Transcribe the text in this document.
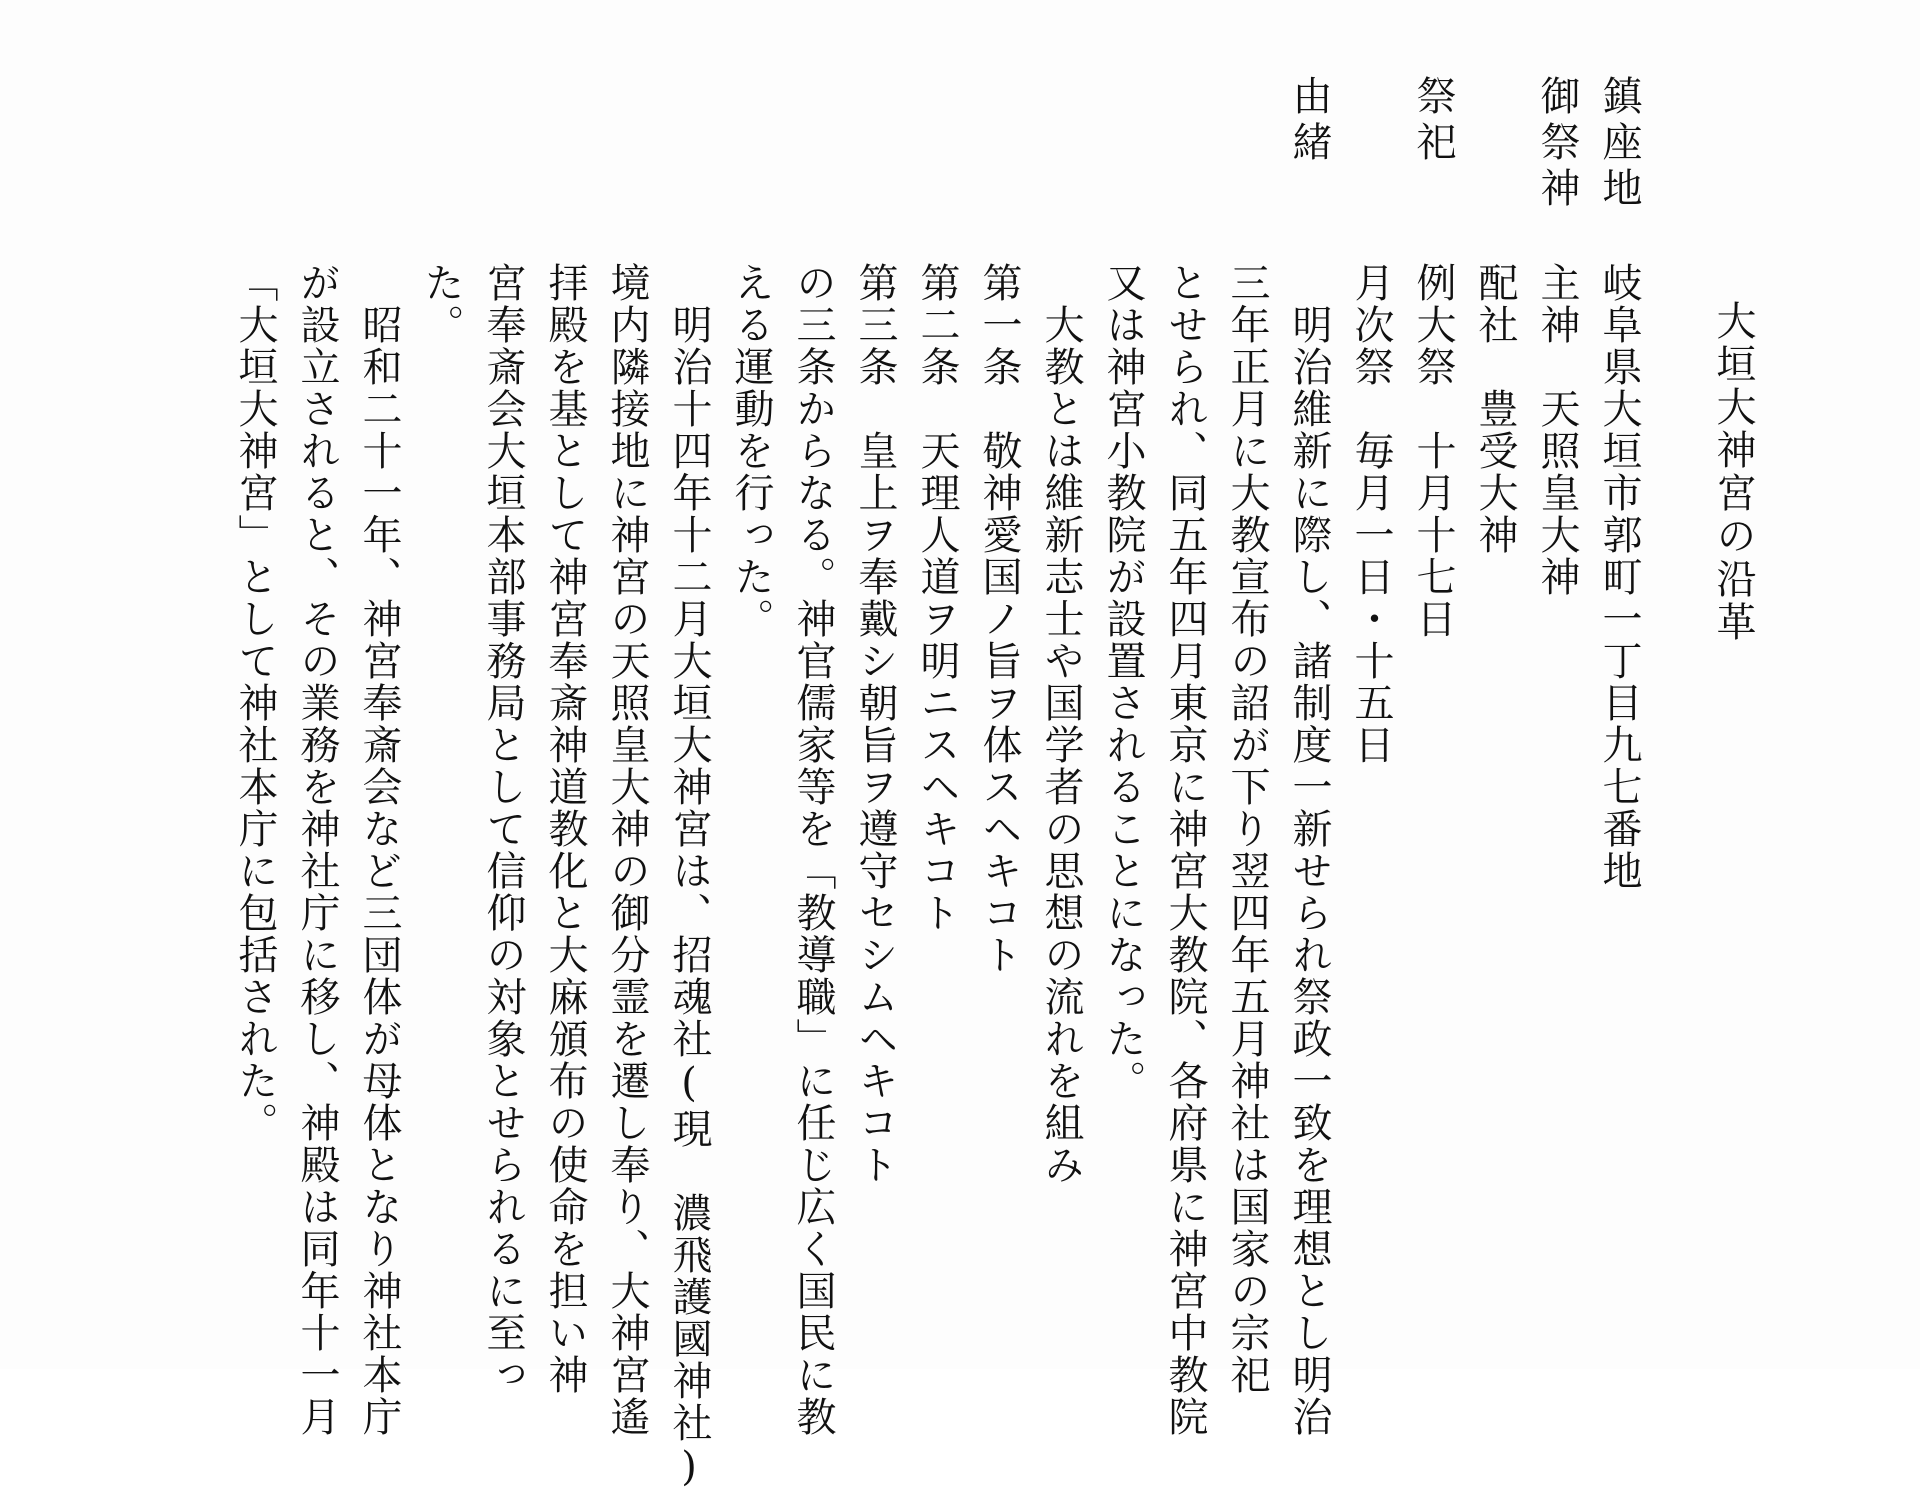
大垣大神宮の沿革
鎮座地
御祭神
祭祀
由緒
岐阜県大垣市郭町一丁目九七番地
主神　天照皇大神
配社　豊受大神
例大祭　十月十七日
月次祭　毎月一日・十五日
　明治維新に際し、諸制度一新せられ祭政一致を理想とし明治
三年正月に大教宣布の詔が下り翌四年五月神社は国家の宗祀
とせられ、同五年四月東京に神宮大教院、各府県に神宮中教院
又は神宮小教院が設置されることになった。
　大教とは維新志士や国学者の思想の流れを組み
第一条　敬神愛国ノ旨ヲ体スヘキコト
第二条　天理人道ヲ明ニスヘキコト
第三条　皇上ヲ奉戴シ朝旨ヲ遵守セシムヘキコト
の三条からなる。神官儒家等を「教導職」に任じ広く国民に教
える運動を行った。
　明治十四年十二月大垣大神宮は、招魂社(現　濃飛護國神社)
境内隣接地に神宮の天照皇大神の御分霊を遷し奉り、大神宮遙
拝殿を基として神宮奉斎神道教化と大麻頒布の使命を担い神
宮奉斎会大垣本部事務局として信仰の対象とせられるに至っ
た。
　昭和二十一年、神宮奉斎会など三団体が母体となり神社本庁
が設立されると、その業務を神社庁に移し、神殿は同年十一月
「大垣大神宮」として神社本庁に包括された。
